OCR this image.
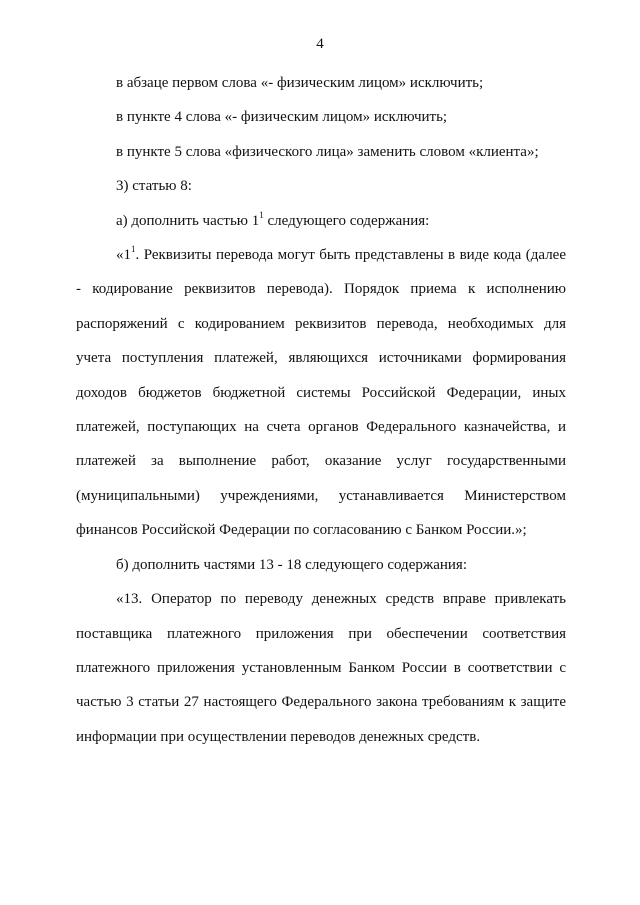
4

в абзаце первом слова «- физическим лицом» исключить;

в пункте 4 слова «- физическим лицом» исключить;

в пункте 5 слова «физического лица» заменить словом «клиента»;

3) статью 8:

а) дополнить частью $1^1$ следующего содержания:

«$1^1$. Реквизиты перевода могут быть представлены в виде кода (далее - кодирование реквизитов перевода). Порядок приема к исполнению распоряжений с кодированием реквизитов перевода, необходимых для учета поступления платежей, являющихся источниками формирования доходов бюджетов бюджетной системы Российской Федерации, иных платежей, поступающих на счета органов Федерального казначейства, и платежей за выполнение работ, оказание услуг государственными (муниципальными) учреждениями, устанавливается Министерством финансов Российской Федерации по согласованию с Банком России.»;

б) дополнить частями 13 - 18 следующего содержания:

«13. Оператор по переводу денежных средств вправе привлекать поставщика платежного приложения при обеспечении соответствия платежного приложения установленным Банком России в соответствии с частью 3 статьи 27 настоящего Федерального закона требованиям к защите информации при осуществлении переводов денежных средств.
